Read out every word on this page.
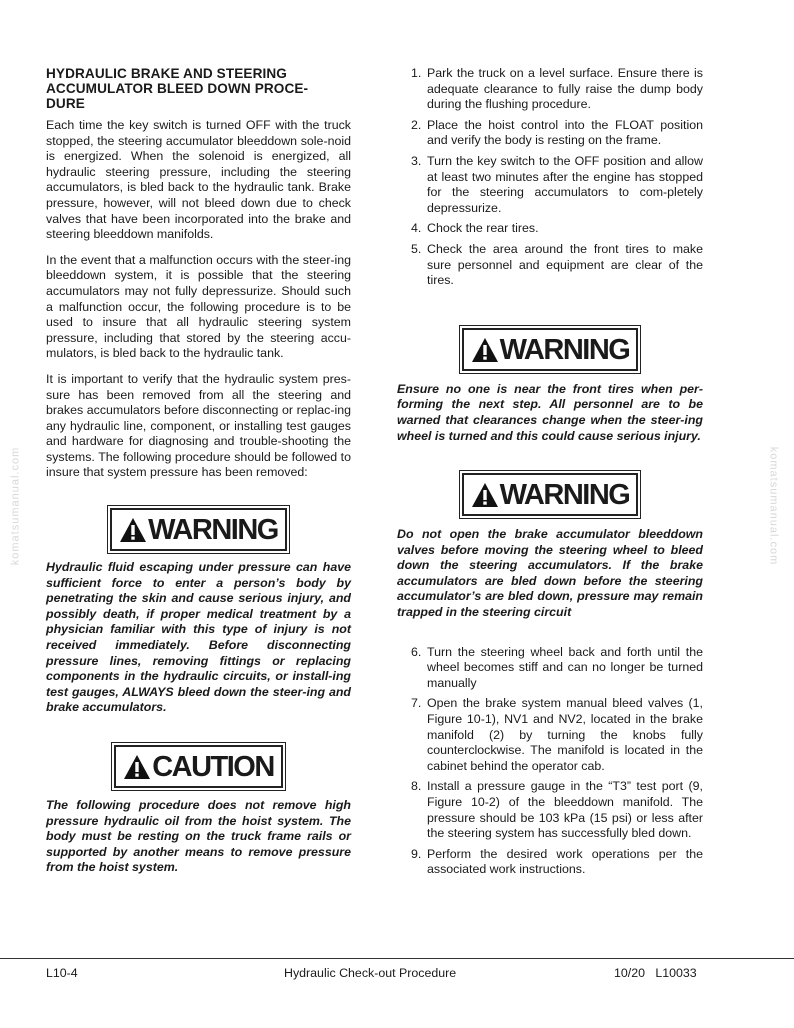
komatsumanual.com	komatsumanual.com
HYDRAULIC BRAKE AND STEERING
ACCUMULATOR BLEED DOWN PROCE-
DURE

Each time the key switch is turned OFF with the truck stopped, the steering accumulator bleeddown sole-noid is energized. When the solenoid is energized, all hydraulic steering pressure, including the steering accumulators, is bled back to the hydraulic tank. Brake pressure, however, will not bleed down due to check valves that have been incorporated into the brake and steering bleeddown manifolds.

In the event that a malfunction occurs with the steer-ing bleeddown system, it is possible that the steering accumulators may not fully depressurize. Should such a malfunction occur, the following procedure is to be used to insure that all hydraulic steering system pressure, including that stored by the steering accu-mulators, is bled back to the hydraulic tank.

It is important to verify that the hydraulic system pres-sure has been removed from all the steering and brakes accumulators before disconnecting or replac-ing any hydraulic line, component, or installing test gauges and hardware for diagnosing and trouble-shooting the systems. The following procedure should be followed to insure that system pressure has been removed:

WARNING

Hydraulic fluid escaping under pressure can have sufficient force to enter a person’s body by penetrating the skin and cause serious injury, and possibly death, if proper medical treatment by a physician familiar with this type of injury is not received immediately. Before disconnecting pressure lines, removing fittings or replacing components in the hydraulic circuits, or install-ing test gauges, ALWAYS bleed down the steer-ing and brake accumulators.

CAUTION

The following procedure does not remove high pressure hydraulic oil from the hoist system. The body must be resting on the truck frame rails or supported by another means to remove pressure from the hoist system.

1. Park the truck on a level surface. Ensure there is adequate clearance to fully raise the dump body during the flushing procedure.
2. Place the hoist control into the FLOAT position and verify the body is resting on the frame.
3. Turn the key switch to the OFF position and allow at least two minutes after the engine has stopped for the steering accumulators to com-pletely depressurize.
4. Chock the rear tires.
5. Check the area around the front tires to make sure personnel and equipment are clear of the tires.
WARNING

Ensure no one is near the front tires when per-forming the next step. All personnel are to be warned that clearances change when the steer-ing wheel is turned and this could cause serious injury.

WARNING

Do not open the brake accumulator bleeddown valves before moving the steering wheel to bleed down the steering accumulators. If the brake accumulators are bled down before the steering accumulator’s are bled down, pressure may remain trapped in the steering circuit

6. Turn the steering wheel back and forth until the wheel becomes stiff and can no longer be turned manually
7. Open the brake system manual bleed valves (1, Figure 10-1), NV1 and NV2, located in the brake manifold (2) by turning the knobs fully counterclockwise. The manifold is located in the cabinet behind the operator cab.
8. Install a pressure gauge in the “T3” test port (9, Figure 10-2) of the bleeddown manifold. The pressure should be 103 kPa (15 psi) or less after the steering system has successfully bled down.
9. Perform the desired work operations per the associated work instructions.
L10-4	Hydraulic Check-out Procedure	10/20   L10033
